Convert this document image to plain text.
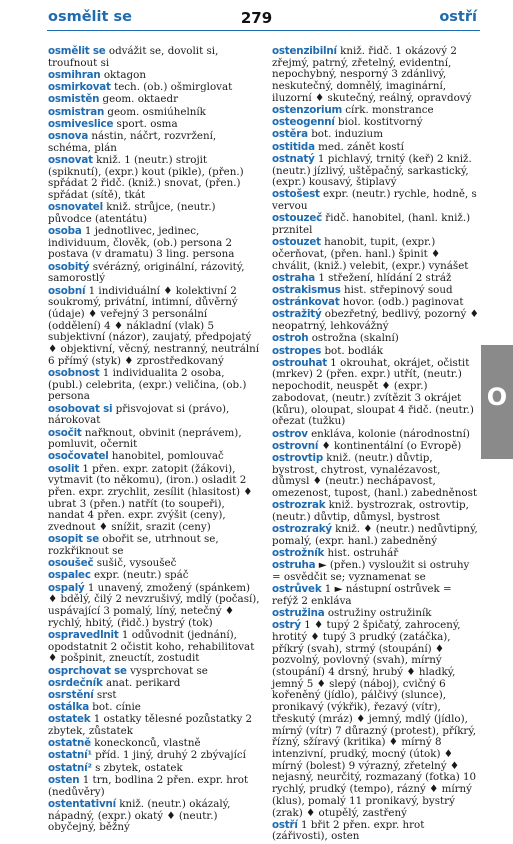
osmělit se	279	ostří
osmělit se odvážit se, dovolit si, troufnout si
osmihran oktagon
osmirkovat tech. (ob.) ošmirglovat
osmistěn geom. oktaedr
osmistran geom. osmiúhelník
osmiveslice sport. osma
osnova nástin, náčrt, rozvržení, schéma, plán
osnovat kniž. 1 (neutr.) strojit (spiknutí), (expr.) kout (pikle), (přen.) spřádat 2 řidč. (kniž.) snovat, (přen.) spřádat (sítě), tkát
osnovatel kniž. strůjce, (neutr.) původce (atentátu)
osoba 1 jednotlivec, jedinec, individuum, člověk, (ob.) persona 2 postava (v dramatu) 3 ling. persona
osobitý svérázný, originální, rázovitý, samorostlý
osobní 1 individuální ♦ kolektivní 2 soukromý, privátní, intimní, důvěrný (údaje) ♦ veřejný 3 personální (oddělení) 4 ♦ nákladní (vlak) 5 subjektivní (názor), zaujatý, předpojatý ♦ objektivní, věcný, nestranný, neutrální 6 přímý (styk) ♦ zprostředkovaný
osobnost 1 individualita 2 osoba, (publ.) celebrita, (expr.) veličina, (ob.) persona
osobovat si přisvojovat si (právo), nárokovat
osočit nařknout, obvinit (neprávem), pomluvit, očernit
osočovatel hanobitel, pomlouvač
osolit 1 přen. expr. zatopit (žákovi), vytmavit (to někomu), (iron.) osladit 2 přen. expr. zrychlit, zesílit (hlasitost) ♦ ubrat 3 (přen.) natřít (to soupeři), nandat 4 přen. expr. zvýšit (ceny), zvednout ♦ snížit, srazit (ceny)
osopit se obořit se, utrhnout se, rozkřiknout se
osoušeč sušič, vysoušeč
ospalec expr. (neutr.) spáč
ospalý 1 unavený, zmožený (spánkem) ♦ bdělý, čilý 2 nevzrušivý, mdlý (počasí), uspávající 3 pomalý, líný, netečný ♦ rychlý, hbitý, (řidč.) bystrý (tok)
ospravedlnit 1 odůvodnit (jednání), opodstatnit 2 očistit koho, rehabilitovat ♦ pošpinit, zneuctít, zostudit
osprchovat se vysprchovat se
osrdečník anat. perikard
osrstění srst
ostálka bot. cínie
ostatek 1 ostatky tělesné pozůstatky 2 zbytek, zůstatek
ostatně koneckonců, vlastně
ostatní¹ příd. 1 jiný, druhý 2 zbývající
ostatní² s zbytek, ostatek
osten 1 trn, bodlina 2 přen. expr. hrot (nedůvěry)
ostentativní kniž. (neutr.) okázalý, nápadný, (expr.) okatý ♦ (neutr.) obyčejný, běžný
ostenzibilní kniž. řidč. 1 okázový 2 zřejmý, patrný, zřetelný, evidentní, nepochybný, nesporný 3 zdánlivý, neskutečný, domnělý, imaginární, iluzorní ♦ skutečný, reálný, opravdový
ostenzorium círk. monstrance
osteogenní biol. kostitvorný
ostěra bot. induzium
ostitida med. zánět kostí
ostnatý 1 pichlavý, trnitý (keř) 2 kniž. (neutr.) jízlivý, uštěpačný, sarkastický, (expr.) kousavý, štiplavý
ostošest expr. (neutr.) rychle, hodně, s vervou
ostouzeč řidč. hanobitel, (hanl. kniž.) prznitel
ostouzet hanobit, tupit, (expr.) očerňovat, (přen. hanl.) špinit ♦ chválit, (kniž.) velebit, (expr.) vynášet
ostraha 1 střežení, hlídání 2 stráž
ostrakismus hist. střepinový soud
ostránkovat hovor. (odb.) paginovat
ostražitý obezřetný, bedlivý, pozorný ♦ neopatrný, lehkovážný
ostroh ostrožna (skalní)
ostropes bot. bodlák
ostrouhat 1 okrouhat, okrájet, očistit (mrkev) 2 (přen. expr.) utřít, (neutr.) nepochodit, neuspět ♦ (expr.) zabodovat, (neutr.) zvítězit 3 okrájet (kůru), oloupat, sloupat 4 řidč. (neutr.) ořezat (tužku)
ostrov enkláva, kolonie (národnostní)
ostrovní ♦ kontinentální (o Evropě)
ostrovtip kniž. (neutr.) důvtip, bystrost, chytrost, vynalézavost, důmysl ♦ (neutr.) nechápavost, omezenost, tupost, (hanl.) zabedněnost
ostrozrak kniž. bystrozrak, ostrovtip, (neutr.) důvtip, důmysl, bystrost
ostrozraký kniž. ♦ (neutr.) nedůvtipný, pomalý, (expr. hanl.) zabedněný
ostrožník hist. ostruhář
ostruha ► (přen.) vysloužit si ostruhy = osvědčit se; vyznamenat se
ostrůvek 1 ► nástupní ostrůvek = refýž 2 enkláva
ostružina ostružiny ostružiník
ostrý 1 ♦ tupý 2 špičatý, zahrocený, hrotitý ♦ tupý 3 prudký (zatáčka), příkrý (svah), strmý (stoupání) ♦ pozvolný, povlovný (svah), mírný (stoupání) 4 drsný, hrubý ♦ hladký, jemný 5 ♦ slepý (náboj), cvičný 6 kořeněný (jídlo), pálčivý (slunce), pronikavý (výkřik), řezavý (vítr), třeskutý (mráz) ♦ jemný, mdlý (jídlo), mírný (vítr) 7 důrazný (protest), příkrý, řízný, sžíravý (kritika) ♦ mírný 8 intenzivní, prudký, mocný (útok) ♦ mírný (bolest) 9 výrazný, zřetelný ♦ nejasný, neurčitý, rozmazaný (fotka) 10 rychlý, prudký (tempo), rázný ♦ mírný (klus), pomalý 11 pronikavý, bystrý (zrak) ♦ otupělý, zastřený
ostří 1 břit 2 přen. expr. hrot (zářivosti), osten
O
